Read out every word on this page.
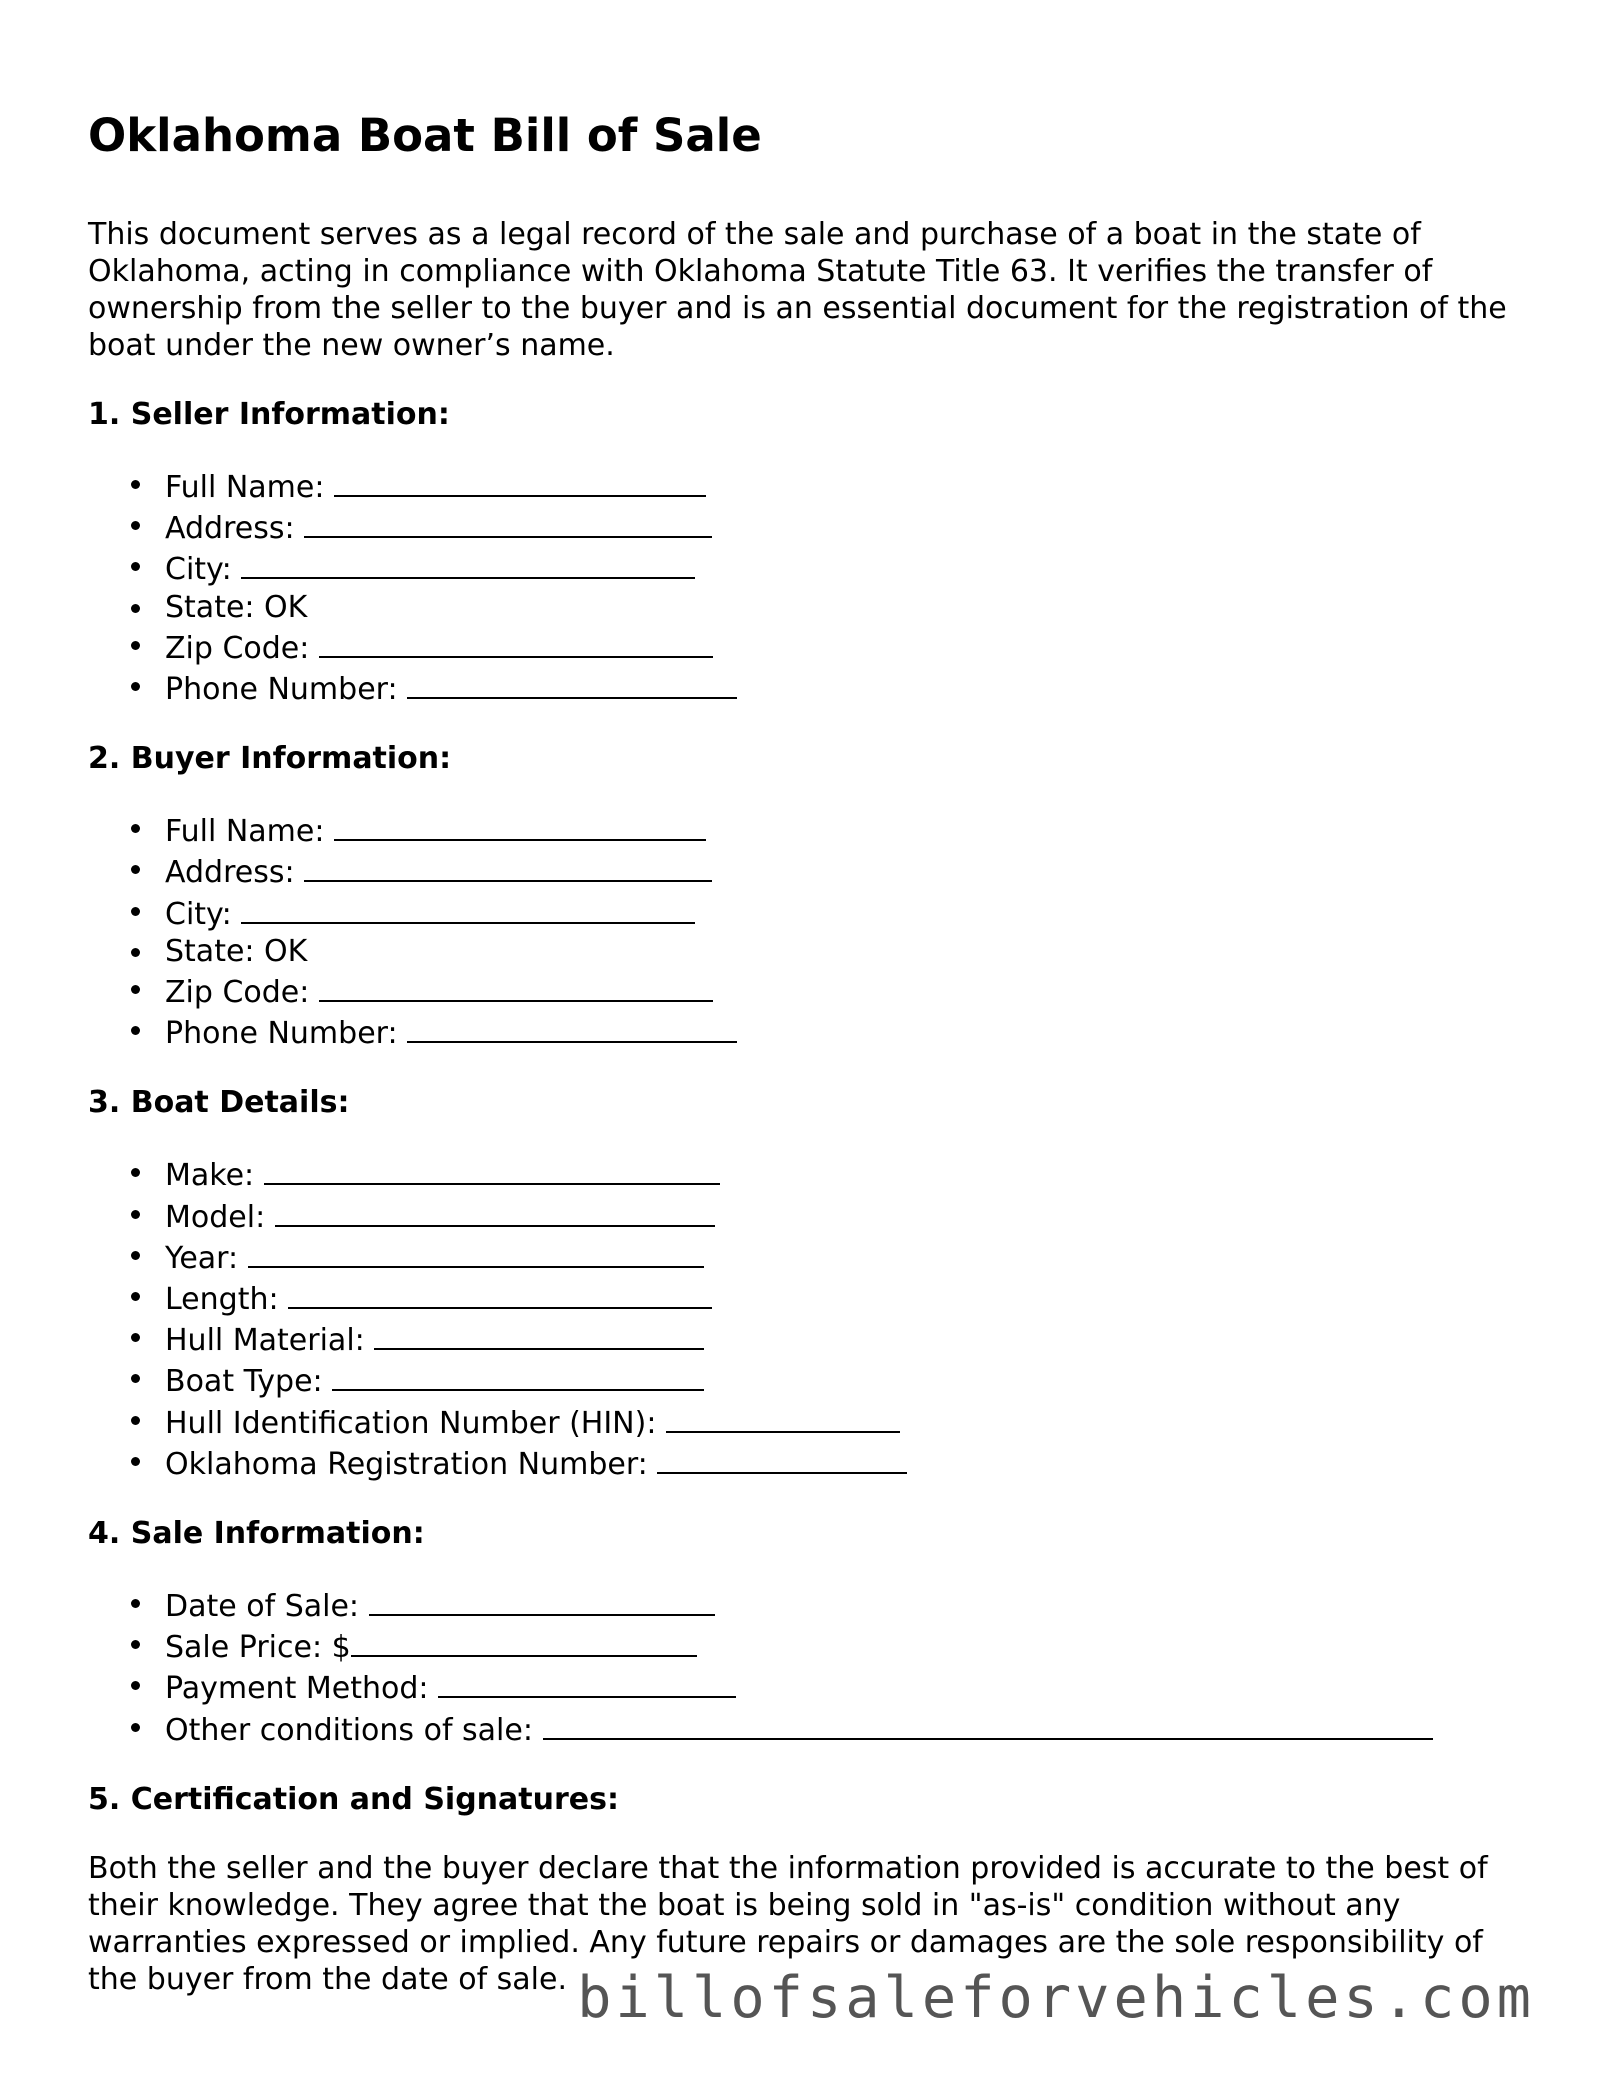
Oklahoma Boat Bill of Sale

This document serves as a legal record of the sale and purchase of a boat in the state of Oklahoma, acting in compliance with Oklahoma Statute Title 63. It verifies the transfer of ownership from the seller to the buyer and is an essential document for the registration of the boat under the new owner’s name.

1. Seller Information:
Full Name:
Address:
City:
State: OK
Zip Code:
Phone Number:
2. Buyer Information:
Full Name:
Address:
City:
State: OK
Zip Code:
Phone Number:
3. Boat Details:
Make:
Model:
Year:
Length:
Hull Material:
Boat Type:
Hull Identification Number (HIN):
Oklahoma Registration Number:
4. Sale Information:
Date of Sale:
Sale Price: $
Payment Method:
Other conditions of sale:
5. Certification and Signatures:

Both the seller and the buyer declare that the information provided is accurate to the best of their knowledge. They agree that the boat is being sold in "as-is" condition without any warranties expressed or implied. Any future repairs or damages are the sole responsibility of the buyer from the date of sale. billofsaleforvehicles.com
